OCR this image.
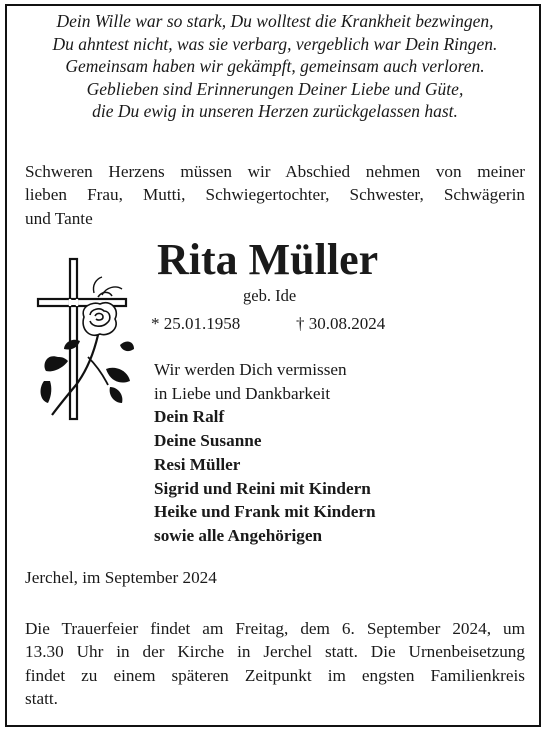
Dein Wille war so stark, Du wolltest die Krankheit bezwingen,
Du ahntest nicht, was sie verbarg, vergeblich war Dein Ringen.
Gemeinsam haben wir gekämpft, gemeinsam auch verloren.
Geblieben sind Erinnerungen Deiner Liebe und Güte,
die Du ewig in unseren Herzen zurückgelassen hast.
Schweren Herzens müssen wir Abschied nehmen von meiner
lieben Frau, Mutti, Schwiegertochter, Schwester, Schwägerin
und Tante
Rita Müller
geb. Ide
* 25.01.1958	† 30.08.2024
Wir werden Dich vermissen
in Liebe und Dankbarkeit
Dein Ralf
Deine Susanne
Resi Müller
Sigrid und Reini mit Kindern
Heike und Frank mit Kindern
sowie alle Angehörigen
Jerchel, im September 2024
Die Trauerfeier findet am Freitag, dem 6. September 2024, um
13.30 Uhr in der Kirche in Jerchel statt. Die Urnenbeisetzung
findet zu einem späteren Zeitpunkt im engsten Familienkreis
statt.
